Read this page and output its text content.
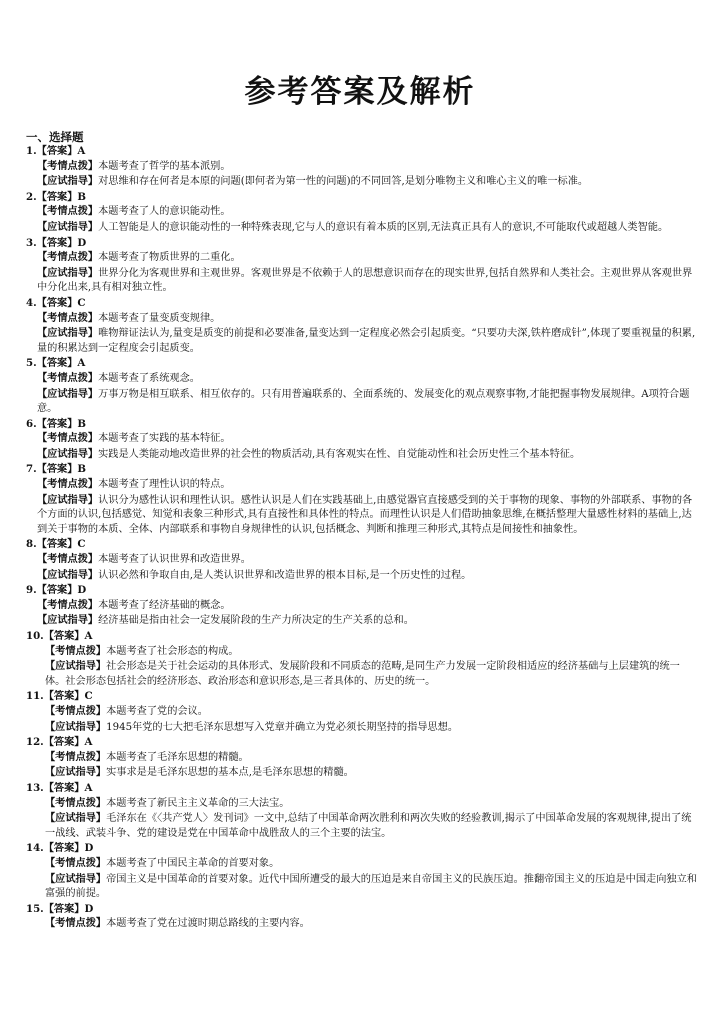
参考答案及解析
一、选择题
1.【答案】A
【考情点拨】本题考查了哲学的基本派别。
【应试指导】对思维和存在何者是本原的问题(即何者为第一性的问题)的不同回答,是划分唯物主义和唯心主义的唯一标准。
2.【答案】B
【考情点拨】本题考查了人的意识能动性。
【应试指导】人工智能是人的意识能动性的一种特殊表现,它与人的意识有着本质的区别,无法真正具有人的意识,不可能取代或超越人类智能。
3.【答案】D
【考情点拨】本题考查了物质世界的二重化。
【应试指导】世界分化为客观世界和主观世界。客观世界是不依赖于人的思想意识而存在的现实世界,包括自然界和人类社会。主观世界从客观世界中分化出来,具有相对独立性。
4.【答案】C
【考情点拨】本题考查了量变质变规律。
【应试指导】唯物辩证法认为,量变是质变的前提和必要准备,量变达到一定程度必然会引起质变。“只要功夫深,铁杵磨成针”,体现了要重视量的积累,量的积累达到一定程度会引起质变。
5.【答案】A
【考情点拨】本题考查了系统观念。
【应试指导】万事万物是相互联系、相互依存的。只有用普遍联系的、全面系统的、发展变化的观点观察事物,才能把握事物发展规律。A项符合题意。
6.【答案】B
【考情点拨】本题考查了实践的基本特征。
【应试指导】实践是人类能动地改造世界的社会性的物质活动,具有客观实在性、自觉能动性和社会历史性三个基本特征。
7.【答案】B
【考情点拨】本题考查了理性认识的特点。
【应试指导】认识分为感性认识和理性认识。感性认识是人们在实践基础上,由感觉器官直接感受到的关于事物的现象、事物的外部联系、事物的各个方面的认识,包括感觉、知觉和表象三种形式,具有直接性和具体性的特点。而理性认识是人们借助抽象思维,在概括整理大量感性材料的基础上,达到关于事物的本质、全体、内部联系和事物自身规律性的认识,包括概念、判断和推理三种形式,其特点是间接性和抽象性。
8.【答案】C
【考情点拨】本题考查了认识世界和改造世界。
【应试指导】认识必然和争取自由,是人类认识世界和改造世界的根本目标,是一个历史性的过程。
9.【答案】D
【考情点拨】本题考查了经济基础的概念。
【应试指导】经济基础是指由社会一定发展阶段的生产力所决定的生产关系的总和。
10.【答案】A
【考情点拨】本题考查了社会形态的构成。
【应试指导】社会形态是关于社会运动的具体形式、发展阶段和不同质态的范畴,是同生产力发展一定阶段相适应的经济基础与上层建筑的统一体。社会形态包括社会的经济形态、政治形态和意识形态,是三者具体的、历史的统一。
11.【答案】C
【考情点拨】本题考查了党的会议。
【应试指导】1945年党的七大把毛泽东思想写入党章并确立为党必须长期坚持的指导思想。
12.【答案】A
【考情点拨】本题考查了毛泽东思想的精髓。
【应试指导】实事求是是毛泽东思想的基本点,是毛泽东思想的精髓。
13.【答案】A
【考情点拨】本题考查了新民主主义革命的三大法宝。
【应试指导】毛泽东在《〈共产党人〉发刊词》一文中,总结了中国革命两次胜利和两次失败的经验教训,揭示了中国革命发展的客观规律,提出了统一战线、武装斗争、党的建设是党在中国革命中战胜敌人的三个主要的法宝。
14.【答案】D
【考情点拨】本题考查了中国民主革命的首要对象。
【应试指导】帝国主义是中国革命的首要对象。近代中国所遭受的最大的压迫是来自帝国主义的民族压迫。推翻帝国主义的压迫是中国走向独立和富强的前提。
15.【答案】D
【考情点拨】本题考查了党在过渡时期总路线的主要内容。
